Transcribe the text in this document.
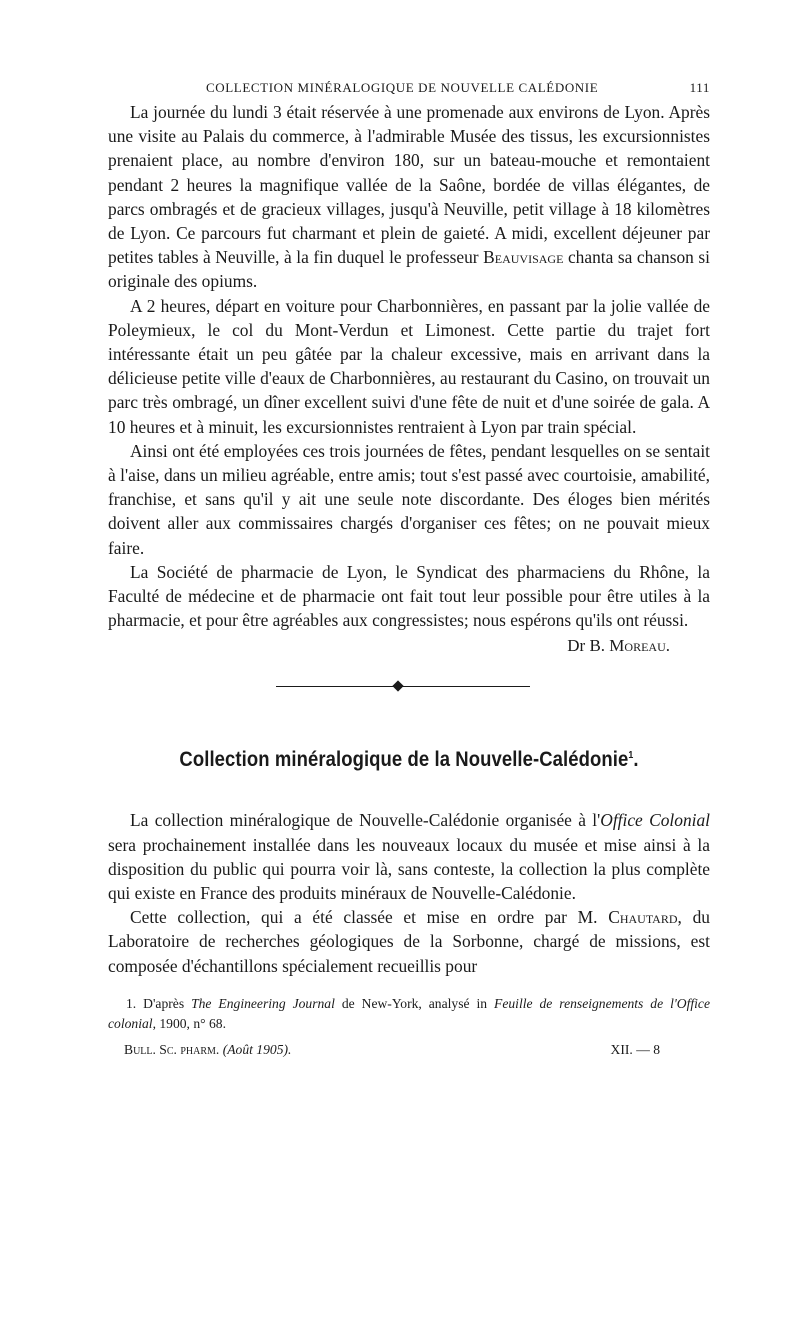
COLLECTION MINÉRALOGIQUE DE NOUVELLE CALÉDONIE	111

La journée du lundi 3 était réservée à une promenade aux environs de Lyon. Après une visite au Palais du commerce, à l'admirable Musée des tissus, les excursionnistes prenaient place, au nombre d'environ 180, sur un bateau-mouche et remontaient pendant 2 heures la magnifique vallée de la Saône, bordée de villas élégantes, de parcs ombragés et de gracieux villages, jusqu'à Neuville, petit village à 18 kilomètres de Lyon. Ce parcours fut charmant et plein de gaieté. A midi, excellent déjeuner par petites tables à Neuville, à la fin duquel le professeur Beauvisage chanta sa chanson si originale des opiums.

A 2 heures, départ en voiture pour Charbonnières, en passant par la jolie vallée de Poleymieux, le col du Mont-Verdun et Limonest. Cette partie du trajet fort intéressante était un peu gâtée par la chaleur excessive, mais en arrivant dans la délicieuse petite ville d'eaux de Charbonnières, au restaurant du Casino, on trouvait un parc très ombragé, un dîner excellent suivi d'une fête de nuit et d'une soirée de gala. A 10 heures et à minuit, les excursionnistes rentraient à Lyon par train spécial.

Ainsi ont été employées ces trois journées de fêtes, pendant lesquelles on se sentait à l'aise, dans un milieu agréable, entre amis; tout s'est passé avec courtoisie, amabilité, franchise, et sans qu'il y ait une seule note discordante. Des éloges bien mérités doivent aller aux commissaires chargés d'organiser ces fêtes; on ne pouvait mieux faire.

La Société de pharmacie de Lyon, le Syndicat des pharmaciens du Rhône, la Faculté de médecine et de pharmacie ont fait tout leur possible pour être utiles à la pharmacie, et pour être agréables aux congressistes; nous espérons qu'ils ont réussi.

Dr B. Moreau.
Collection minéralogique de la Nouvelle-Calédonie$^1$.

La collection minéralogique de Nouvelle-Calédonie organisée à l'Office Colonial sera prochainement installée dans les nouveaux locaux du musée et mise ainsi à la disposition du public qui pourra voir là, sans conteste, la collection la plus complète qui existe en France des produits minéraux de Nouvelle-Calédonie.

Cette collection, qui a été classée et mise en ordre par M. Chautard, du Laboratoire de recherches géologiques de la Sorbonne, chargé de missions, est composée d'échantillons spécialement recueillis pour

1. D'après The Engineering Journal de New-York, analysé in Feuille de renseignements de l'Office colonial, 1900, n° 68.
Bull. Sc. pharm. (Août 1905).	XII. — 8
